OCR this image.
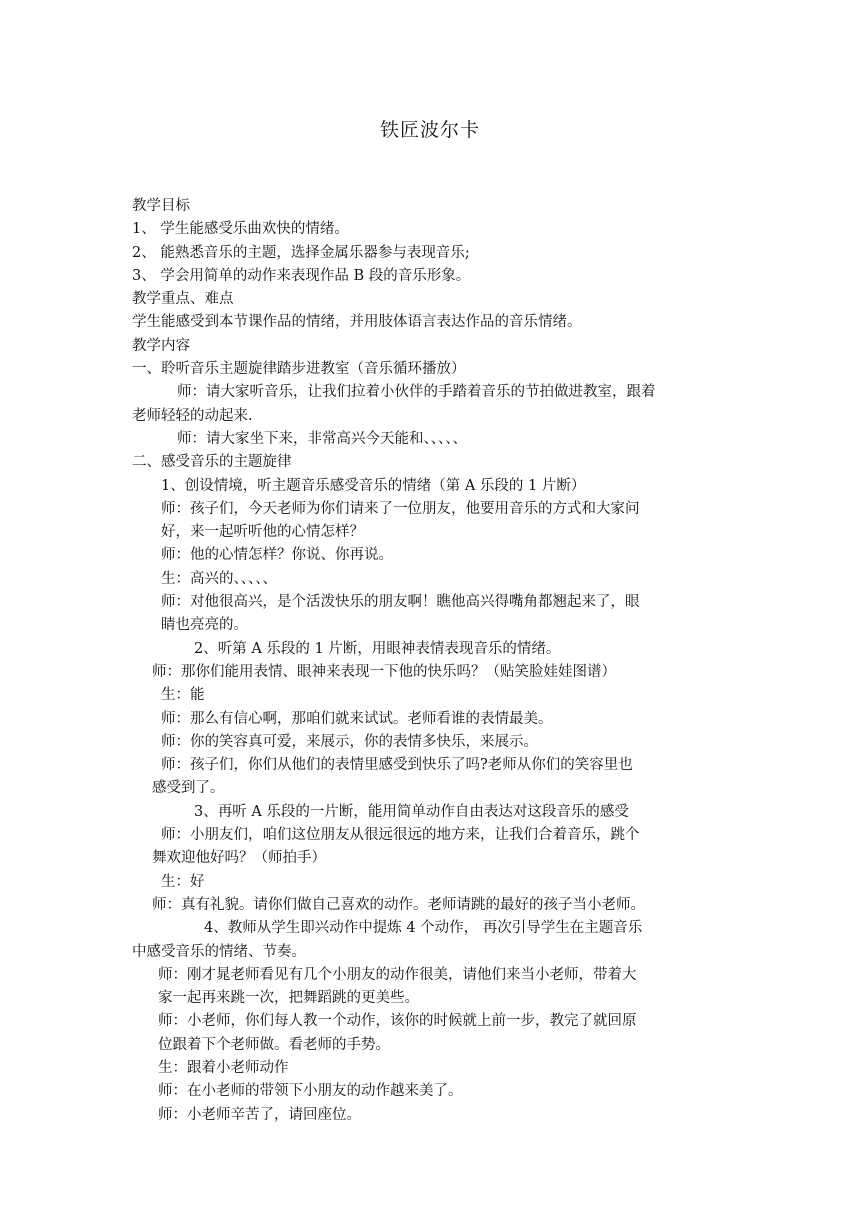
铁匠波尔卡
教学目标
1、 学生能感受乐曲欢快的情绪。
2、 能熟悉音乐的主题，选择金属乐器参与表现音乐;
3、 学会用简单的动作来表现作品 B 段的音乐形象。
教学重点、难点
学生能感受到本节课作品的情绪，并用肢体语言表达作品的音乐情绪。
教学内容
一、聆听音乐主题旋律踏步进教室（音乐循环播放）
师：请大家听音乐，让我们拉着小伙伴的手踏着音乐的节拍做进教室，跟着
老师轻轻的动起来.
师：请大家坐下来，非常高兴今天能和、、、、、
二、感受音乐的主题旋律
1、创设情境，听主题音乐感受音乐的情绪（第 A 乐段的 1 片断）
师：孩子们，今天老师为你们请来了一位朋友，他要用音乐的方式和大家问
好，来一起听听他的心情怎样？
师：他的心情怎样？你说、你再说。
生：高兴的、、、、、
师：对他很高兴，是个活泼快乐的朋友啊！瞧他高兴得嘴角都翘起来了，眼
睛也亮亮的。
2、听第 A 乐段的 1 片断，用眼神表情表现音乐的情绪。
师：那你们能用表情、眼神来表现一下他的快乐吗？（贴笑脸娃娃图谱）
生：能
师：那么有信心啊，那咱们就来试试。老师看谁的表情最美。
师：你的笑容真可爱，来展示，你的表情多快乐，来展示。
师：孩子们，你们从他们的表情里感受到快乐了吗?老师从你们的笑容里也
感受到了。
3、再听 A 乐段的一片断，能用简单动作自由表达对这段音乐的感受
师：小朋友们，咱们这位朋友从很远很远的地方来，让我们合着音乐，跳个
舞欢迎他好吗？（师拍手）
生：好
师：真有礼貌。请你们做自己喜欢的动作。老师请跳的最好的孩子当小老师。
4、教师从学生即兴动作中提炼 4 个动作， 再次引导学生在主题音乐
中感受音乐的情绪、节奏。
师：刚才晁老师看见有几个小朋友的动作很美，请他们来当小老师，带着大
家一起再来跳一次，把舞蹈跳的更美些。
师：小老师，你们每人教一个动作，该你的时候就上前一步，教完了就回原
位跟着下个老师做。看老师的手势。
生：跟着小老师动作
师：在小老师的带领下小朋友的动作越来美了。
师：小老师辛苦了，请回座位。
